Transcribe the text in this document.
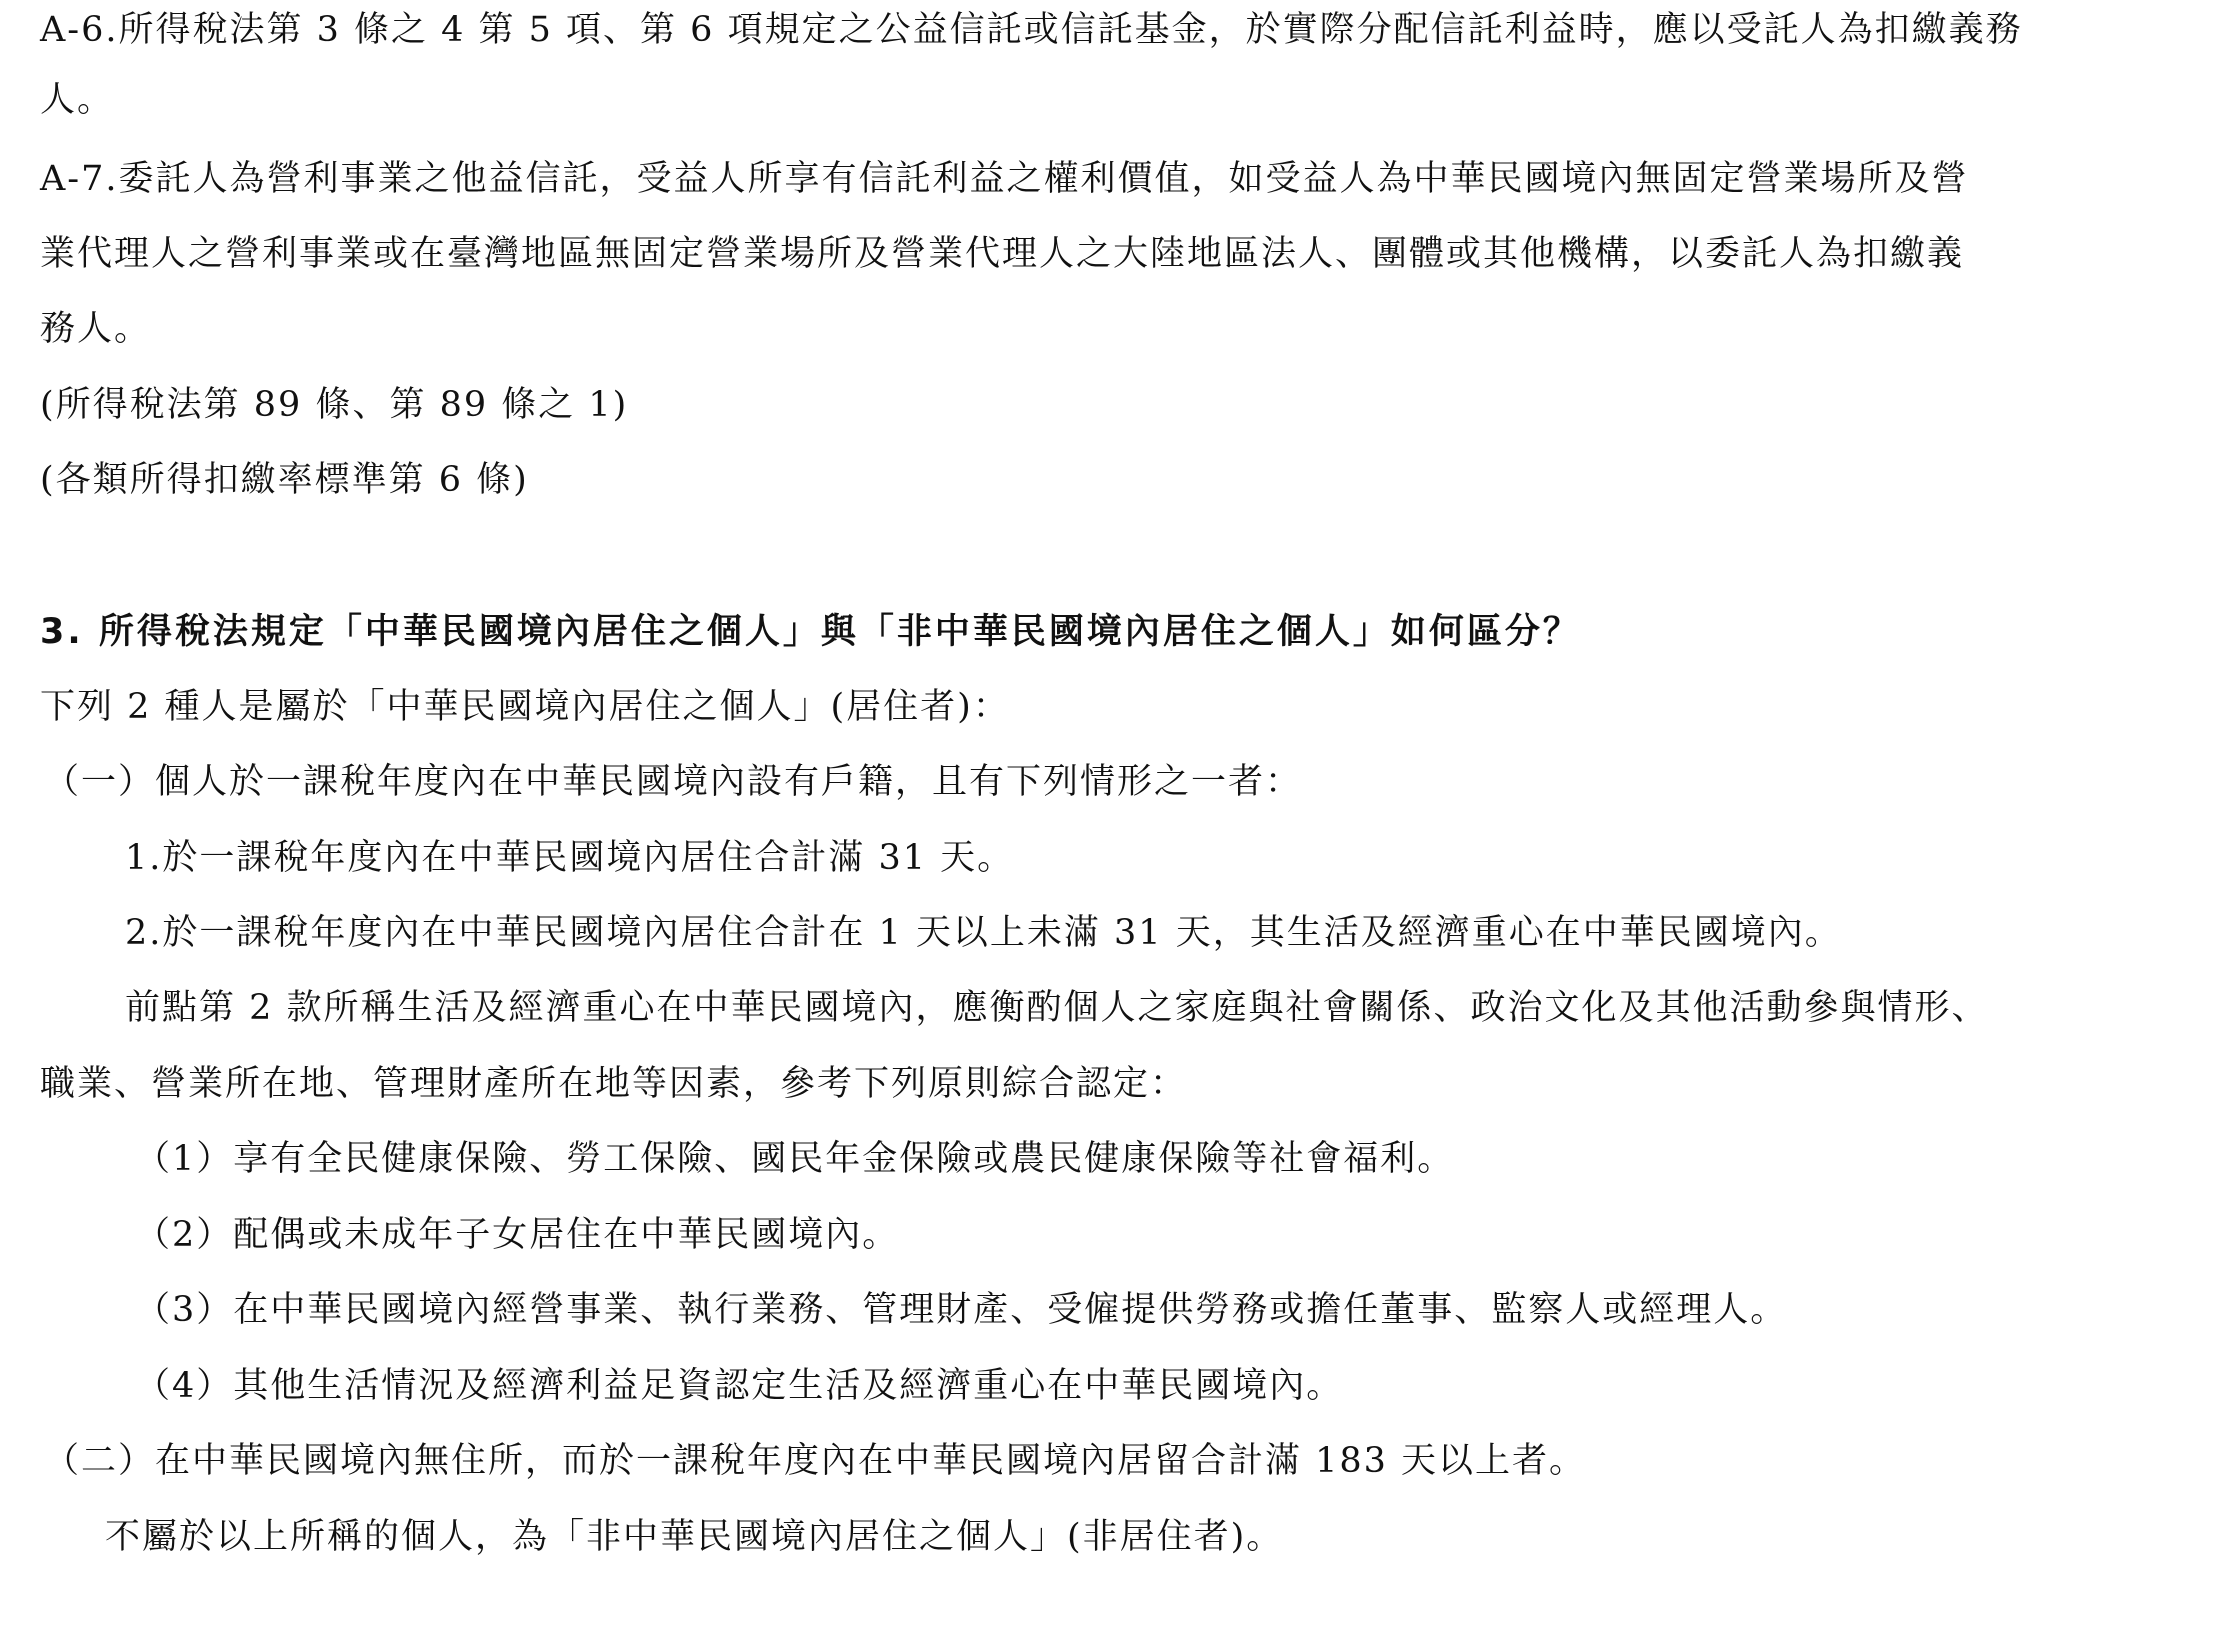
A-6.所得稅法第 3 條之 4 第 5 項、第 6 項規定之公益信託或信託基金，於實際分配信託利益時，應以受託人為扣繳義務
人。
A-7.委託人為營利事業之他益信託，受益人所享有信託利益之權利價值，如受益人為中華民國境內無固定營業場所及營
業代理人之營利事業或在臺灣地區無固定營業場所及營業代理人之大陸地區法人、團體或其他機構，以委託人為扣繳義
務人。
(所得稅法第 89 條、第 89 條之 1)
(各類所得扣繳率標準第 6 條)
3. 所得稅法規定「中華民國境內居住之個人」與「非中華民國境內居住之個人」如何區分？
下列 2 種人是屬於「中華民國境內居住之個人」(居住者)：
（一）個人於一課稅年度內在中華民國境內設有戶籍，且有下列情形之一者：
1.於一課稅年度內在中華民國境內居住合計滿 31 天。
2.於一課稅年度內在中華民國境內居住合計在 1 天以上未滿 31 天，其生活及經濟重心在中華民國境內。
前點第 2 款所稱生活及經濟重心在中華民國境內，應衡酌個人之家庭與社會關係、政治文化及其他活動參與情形、
職業、營業所在地、管理財產所在地等因素，參考下列原則綜合認定：
（1）享有全民健康保險、勞工保險、國民年金保險或農民健康保險等社會福利。
（2）配偶或未成年子女居住在中華民國境內。
（3）在中華民國境內經營事業、執行業務、管理財產、受僱提供勞務或擔任董事、監察人或經理人。
（4）其他生活情況及經濟利益足資認定生活及經濟重心在中華民國境內。
（二）在中華民國境內無住所，而於一課稅年度內在中華民國境內居留合計滿 183 天以上者。
不屬於以上所稱的個人，為「非中華民國境內居住之個人」(非居住者)。
